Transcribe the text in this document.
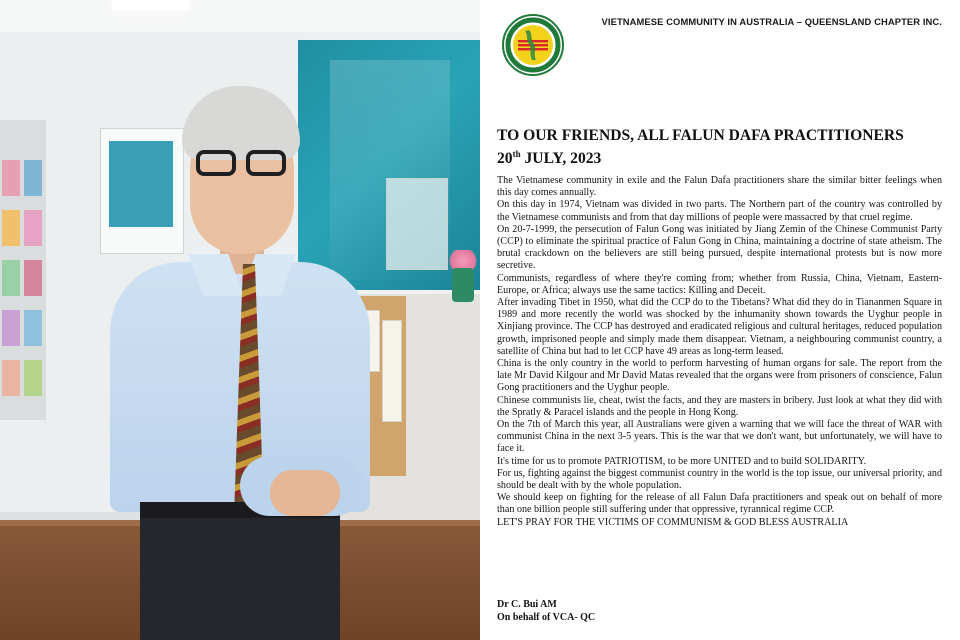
VIETNAMESE COMMUNITY IN AUSTRALIA – QUEENSLAND CHAPTER INC.
TO OUR FRIENDS, ALL FALUN DAFA PRACTITIONERS
20th JULY, 2023

The Vietnamese community in exile and the Falun Dafa practitioners share the similar bitter feelings when this day comes annually.

On this day in 1974, Vietnam was divided in two parts. The Northern part of the country was controlled by the Vietnamese communists and from that day millions of people were massacred by that cruel regime.

On 20-7-1999, the persecution of Falun Gong was initiated by Jiang Zemin of the Chinese Communist Party (CCP) to eliminate the spiritual practice of Falun Gong in China, maintaining a doctrine of state atheism. The brutal crackdown on the believers are still being pursued, despite international protests but is now more secretive.

Communists, regardless of where they're coming from; whether from Russia, China, Vietnam, Eastern-Europe, or Africa; always use the same tactics: Killing and Deceit.

After invading Tibet in 1950, what did the CCP do to the Tibetans? What did they do in Tiananmen Square in 1989 and more recently the world was shocked by the inhumanity shown towards the Uyghur people in Xinjiang province. The CCP has destroyed and eradicated religious and cultural heritages, reduced population growth, imprisoned people and simply made them disappear. Vietnam, a neighbouring communist country, a satellite of China but had to let CCP have 49 areas as long-term leased.

China is the only country in the world to perform harvesting of human organs for sale. The report from the late Mr David Kilgour and Mr David Matas revealed that the organs were from prisoners of conscience, Falun Gong practitioners and the Uyghur people.

Chinese communists lie, cheat, twist the facts, and they are masters in bribery. Just look at what they did with the Spratly & Paracel islands and the people in Hong Kong.

On the 7th of March this year, all Australians were given a warning that we will face the threat of WAR with communist China in the next 3-5 years. This is the war that we don't want, but unfortunately, we will have to face it.

It's time for us to promote PATRIOTISM, to be more UNITED and to build SOLIDARITY.

For us, fighting against the biggest communist country in the world is the top issue, our universal priority, and should be dealt with by the whole population.

We should keep on fighting for the release of all Falun Dafa practitioners and speak out on behalf of more than one billion people still suffering under that oppressive, tyrannical regime CCP.

LET'S PRAY FOR THE VICTIMS OF COMMUNISM & GOD BLESS AUSTRALIA

Dr C. Bui AM
On behalf of VCA- QC
